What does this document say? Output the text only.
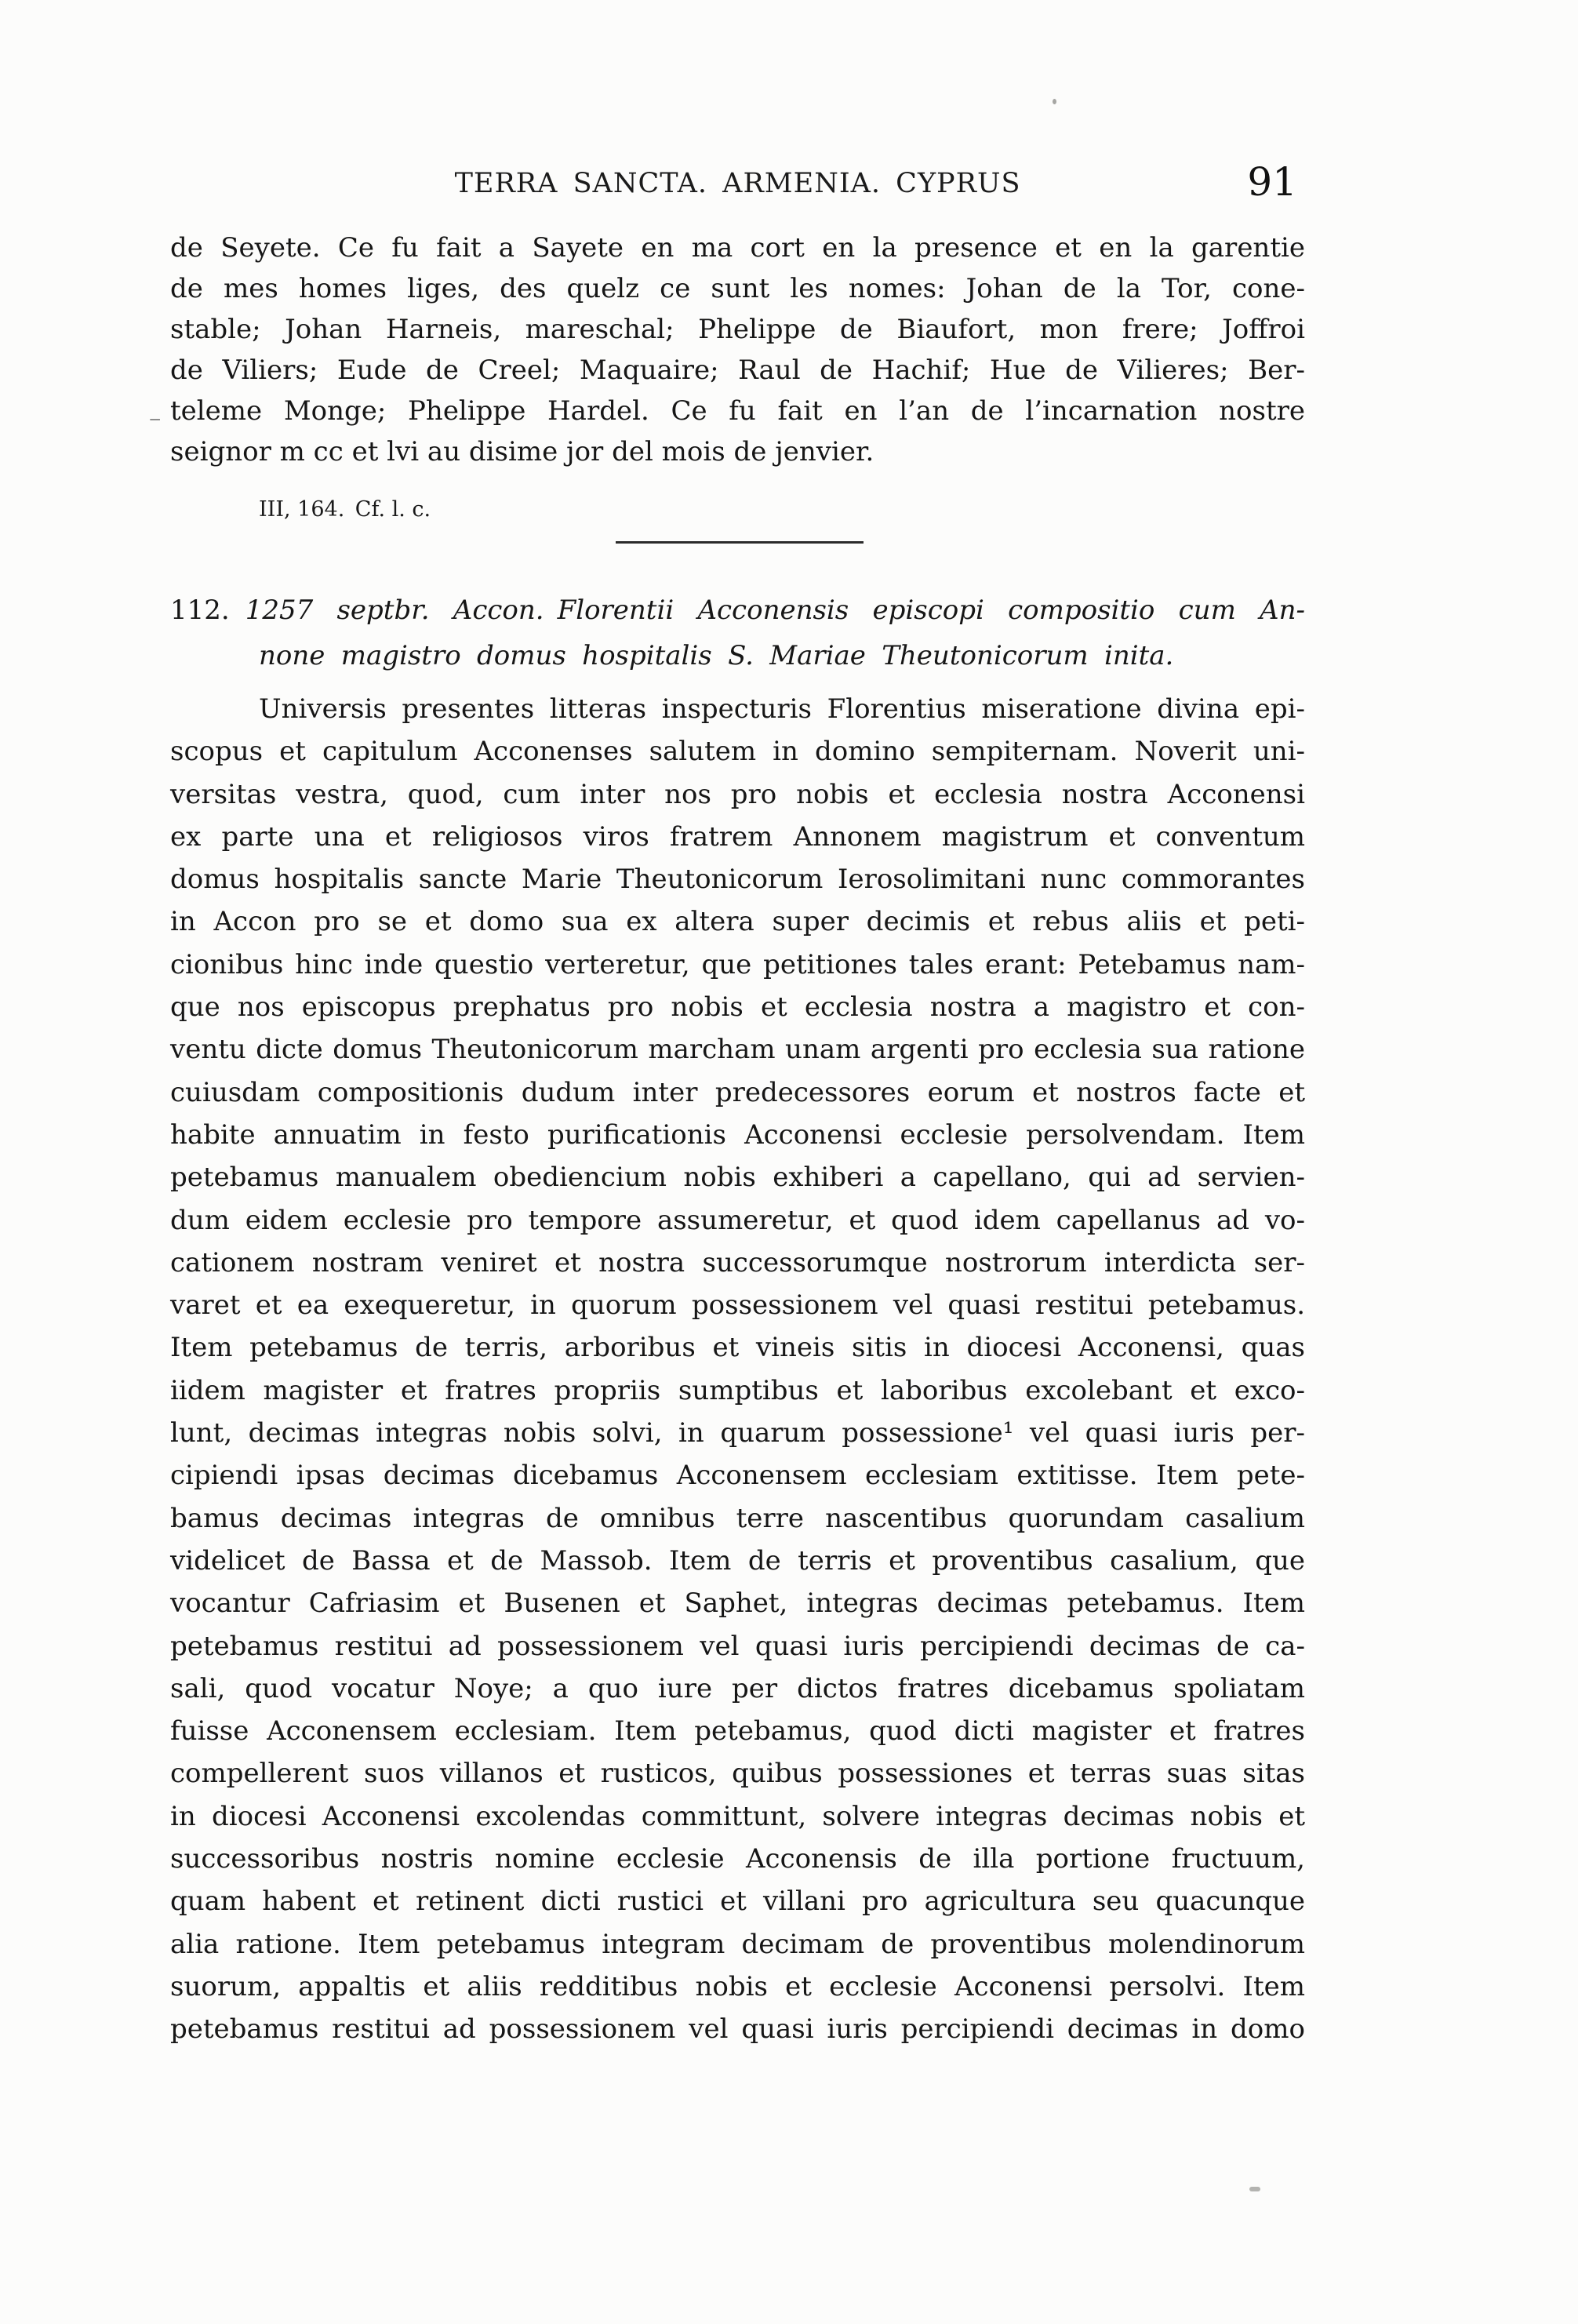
TERRA SANCTA. ARMENIA. CYPRUS	91
de Seyete. Ce fu fait a Sayete en ma cort en la presence et en la garentie
de mes homes liges, des quelz ce sunt les nomes: Johan de la Tor, cone-
stable; Johan Harneis, mareschal; Phelippe de Biaufort, mon frere; Joffroi
de Viliers; Eude de Creel; Maquaire; Raul de Hachif; Hue de Vilieres; Ber-
– teleme Monge; Phelippe Hardel. Ce fu fait en l’an de l’incarnation nostre
seignor m cc et lvi au disime jor del mois de jenvier.
III, 164. Cf. l. c.
112. 1257 septbr. Accon. Florentii Acconensis episcopi compositio cum An-
none magistro domus hospitalis S. Mariae Theutonicorum inita.
Universis presentes litteras inspecturis Florentius miseratione divina epi-
scopus et capitulum Acconenses salutem in domino sempiternam. Noverit uni-
versitas vestra, quod, cum inter nos pro nobis et ecclesia nostra Acconensi
ex parte una et religiosos viros fratrem Annonem magistrum et conventum
domus hospitalis sancte Marie Theutonicorum Ierosolimitani nunc commorantes
in Accon pro se et domo sua ex altera super decimis et rebus aliis et peti-
cionibus hinc inde questio verteretur, que petitiones tales erant: Petebamus nam-
que nos episcopus prephatus pro nobis et ecclesia nostra a magistro et con-
ventu dicte domus Theutonicorum marcham unam argenti pro ecclesia sua ratione
cuiusdam compositionis dudum inter predecessores eorum et nostros facte et
habite annuatim in festo purificationis Acconensi ecclesie persolvendam. Item
petebamus manualem obediencium nobis exhiberi a capellano, qui ad servien-
dum eidem ecclesie pro tempore assumeretur, et quod idem capellanus ad vo-
cationem nostram veniret et nostra successorumque nostrorum interdicta ser-
varet et ea exequeretur, in quorum possessionem vel quasi restitui petebamus.
Item petebamus de terris, arboribus et vineis sitis in diocesi Acconensi, quas
iidem magister et fratres propriis sumptibus et laboribus excolebant et exco-
lunt, decimas integras nobis solvi, in quarum possessione¹ vel quasi iuris per-
cipiendi ipsas decimas dicebamus Acconensem ecclesiam extitisse. Item pete-
bamus decimas integras de omnibus terre nascentibus quorundam casalium
videlicet de Bassa et de Massob. Item de terris et proventibus casalium, que
vocantur Cafriasim et Busenen et Saphet, integras decimas petebamus. Item
petebamus restitui ad possessionem vel quasi iuris percipiendi decimas de ca-
sali, quod vocatur Noye; a quo iure per dictos fratres dicebamus spoliatam
fuisse Acconensem ecclesiam. Item petebamus, quod dicti magister et fratres
compellerent suos villanos et rusticos, quibus possessiones et terras suas sitas
in diocesi Acconensi excolendas committunt, solvere integras decimas nobis et
successoribus nostris nomine ecclesie Acconensis de illa portione fructuum,
quam habent et retinent dicti rustici et villani pro agricultura seu quacunque
alia ratione. Item petebamus integram decimam de proventibus molendinorum
suorum, appaltis et aliis redditibus nobis et ecclesie Acconensi persolvi. Item
petebamus restitui ad possessionem vel quasi iuris percipiendi decimas in domo
